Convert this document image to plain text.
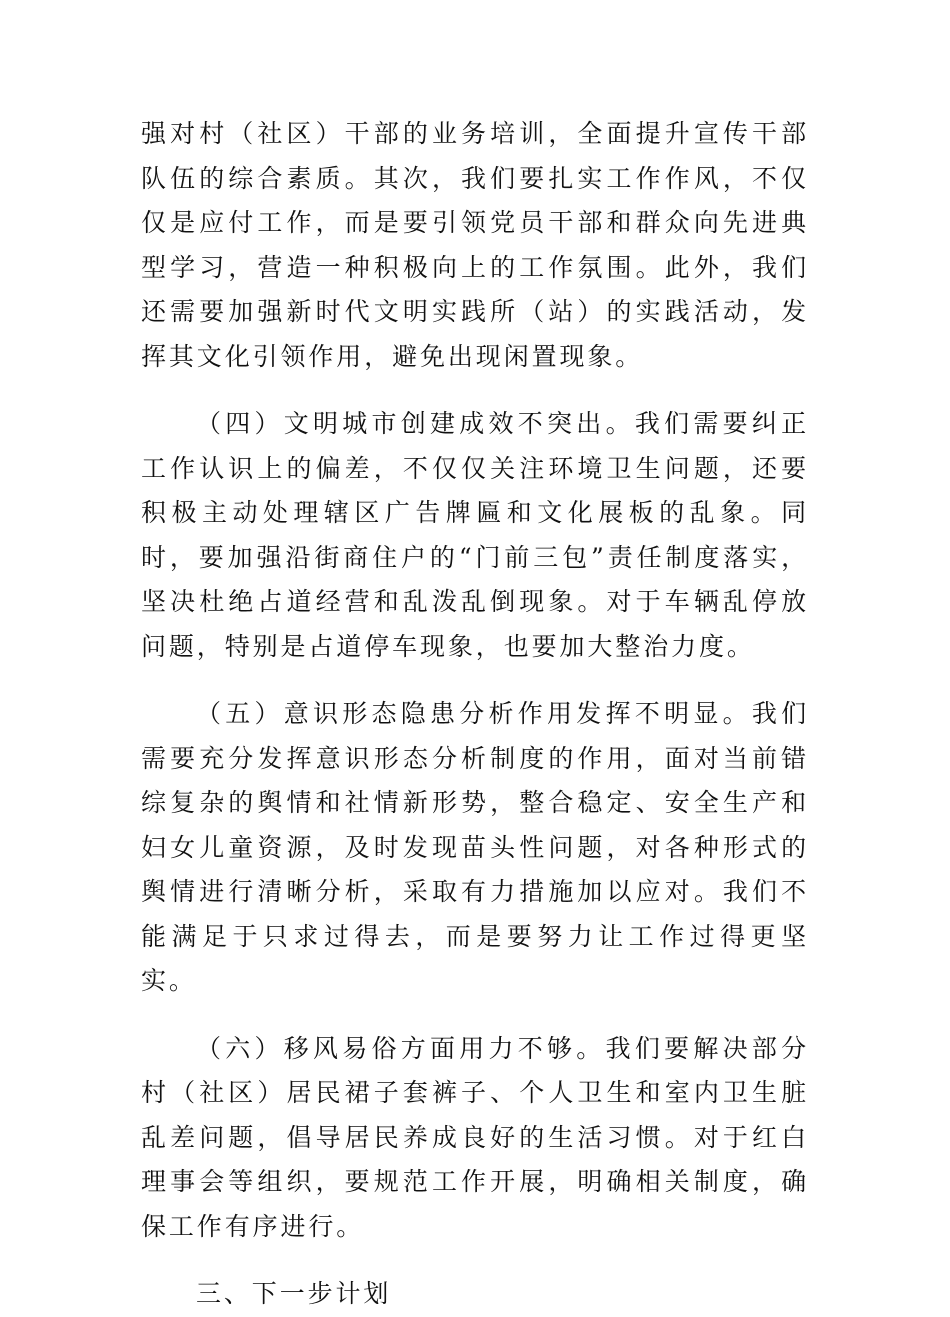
强对村（社区）干部的业务培训，全面提升宣传干部队伍的综合素质。其次，我们要扎实工作作风，不仅仅是应付工作，而是要引领党员干部和群众向先进典型学习，营造一种积极向上的工作氛围。此外，我们还需要加强新时代文明实践所（站）的实践活动，发挥其文化引领作用，避免出现闲置现象。

（四）文明城市创建成效不突出。我们需要纠正工作认识上的偏差，不仅仅关注环境卫生问题，还要积极主动处理辖区广告牌匾和文化展板的乱象。同时，要加强沿街商住户的“门前三包”责任制度落实，坚决杜绝占道经营和乱泼乱倒现象。对于车辆乱停放问题，特别是占道停车现象，也要加大整治力度。

（五）意识形态隐患分析作用发挥不明显。我们需要充分发挥意识形态分析制度的作用，面对当前错综复杂的舆情和社情新形势，整合稳定、安全生产和妇女儿童资源，及时发现苗头性问题，对各种形式的舆情进行清晰分析，采取有力措施加以应对。我们不能满足于只求过得去，而是要努力让工作过得更坚实。

（六）移风易俗方面用力不够。我们要解决部分村（社区）居民裙子套裤子、个人卫生和室内卫生脏乱差问题，倡导居民养成良好的生活习惯。对于红白理事会等组织，要规范工作开展，明确相关制度，确保工作有序进行。

三、下一步计划
